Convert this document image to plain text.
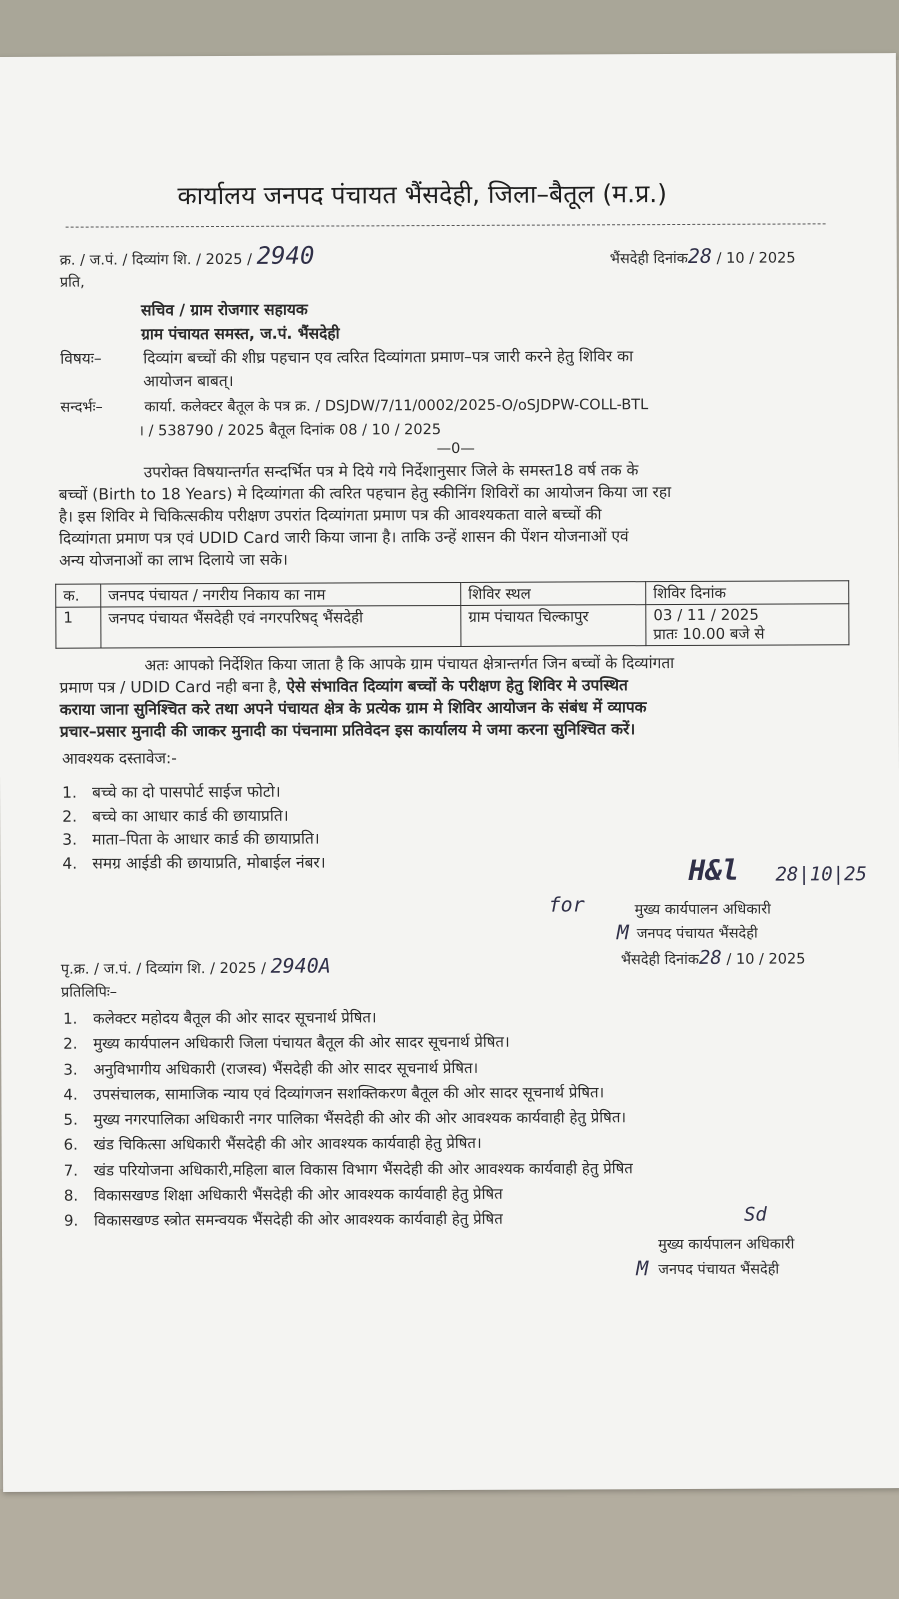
कार्यालय जनपद पंचायत भैंसदेही, जिला–बैतूल (म.प्र.)
क्र. / ज.पं. / दिव्यांग शि. / 2025 / 2940	भैंसदेही दिनांक28 / 10 / 2025
प्रति,
सचिव / ग्राम रोजगार सहायक
ग्राम पंचायत समस्त, ज.पं. भैंसदेही
विषयः–	दिव्यांग बच्चों की शीघ्र पहचान एव त्वरित दिव्यांगता प्रमाण–पत्र जारी करने हेतु शिविर का
आयोजन बाबत्।
सन्दर्भः–	कार्या. कलेक्टर बैतूल के पत्र क्र. / DSJDW/7/11/0002/2025-O/oSJDPW-COLL-BTL
। / 538790 / 2025 बैतूल दिनांक 08 / 10 / 2025
—0—
उपरोक्त विषयान्तर्गत सन्दर्भित पत्र मे दिये गये निर्देशानुसार जिले के समस्त18 वर्ष तक के
बच्चों (Birth to 18 Years) मे दिव्यांगता की त्वरित पहचान हेतु स्कीनिंग शिविरों का आयोजन किया जा रहा
है। इस शिविर मे चिकित्सकीय परीक्षण उपरांत दिव्यांगता प्रमाण पत्र की आवश्यकता वाले बच्चों की
दिव्यांगता प्रमाण पत्र एवं UDID Card जारी किया जाना है। ताकि उन्हें शासन की पेंशन योजनाओं एवं
अन्य योजनाओं का लाभ दिलाये जा सके।
क.	जनपद पंचायत / नगरीय निकाय का नाम	शिविर स्थल	शिविर दिनांक
1	जनपद पंचायत भैंसदेही एवं नगरपरिषद् भैंसदेही	ग्राम पंचायत चिल्कापुर	03 / 11 / 2025
प्रातः 10.00 बजे से
अतः आपको निर्देशित किया जाता है कि आपके ग्राम पंचायत क्षेत्रान्तर्गत जिन बच्चों के दिव्यांगता
प्रमाण पत्र / UDID Card नही बना है, ऐसे संभावित दिव्यांग बच्चों के परीक्षण हेतु शिविर मे उपस्थित
कराया जाना सुनिश्चित करे तथा अपने पंचायत क्षेत्र के प्रत्येक ग्राम मे शिविर आयोजन के संबंध में व्यापक
प्रचार–प्रसार मुनादी की जाकर मुनादी का पंचनामा प्रतिवेदन इस कार्यालय मे जमा करना सुनिश्चित करें।
आवश्यक दस्तावेज:-
1. बच्चे का दो पासपोर्ट साईज फोटो।
2. बच्चे का आधार कार्ड की छायाप्रति।
3. माता–पिता के आधार कार्ड की छायाप्रति।
4. समग्र आईडी की छायाप्रति, मोबाईल नंबर।	H&l 28|10|25
for	मुख्य कार्यपालन अधिकारी
M जनपद पंचायत भैंसदेही
भैंसदेही दिनांक28 / 10 / 2025
पृ.क्र. / ज.पं. / दिव्यांग शि. / 2025 / 2940A
प्रतिलिपिः–
1. कलेक्टर महोदय बैतूल की ओर सादर सूचनार्थ प्रेषित।
2. मुख्य कार्यपालन अधिकारी जिला पंचायत बैतूल की ओर सादर सूचनार्थ प्रेषित।
3. अनुविभागीय अधिकारी (राजस्व) भैंसदेही की ओर सादर सूचनार्थ प्रेषित।
4. उपसंचालक, सामाजिक न्याय एवं दिव्यांगजन सशक्तिकरण बैतूल की ओर सादर सूचनार्थ प्रेषित।
5. मुख्य नगरपालिका अधिकारी नगर पालिका भैंसदेही की ओर की ओर आवश्यक कार्यवाही हेतु प्रेषित।
6. खंड चिकित्सा अधिकारी भैंसदेही की ओर आवश्यक कार्यवाही हेतु प्रेषित।
7. खंड परियोजना अधिकारी,महिला बाल विकास विभाग भैंसदेही की ओर आवश्यक कार्यवाही हेतु प्रेषित
8. विकासखण्ड शिक्षा अधिकारी भैंसदेही की ओर आवश्यक कार्यवाही हेतु प्रेषित
9. विकासखण्ड स्त्रोत समन्वयक भैंसदेही की ओर आवश्यक कार्यवाही हेतु प्रेषित	Sd
मुख्य कार्यपालन अधिकारी
M जनपद पंचायत भैंसदेही
